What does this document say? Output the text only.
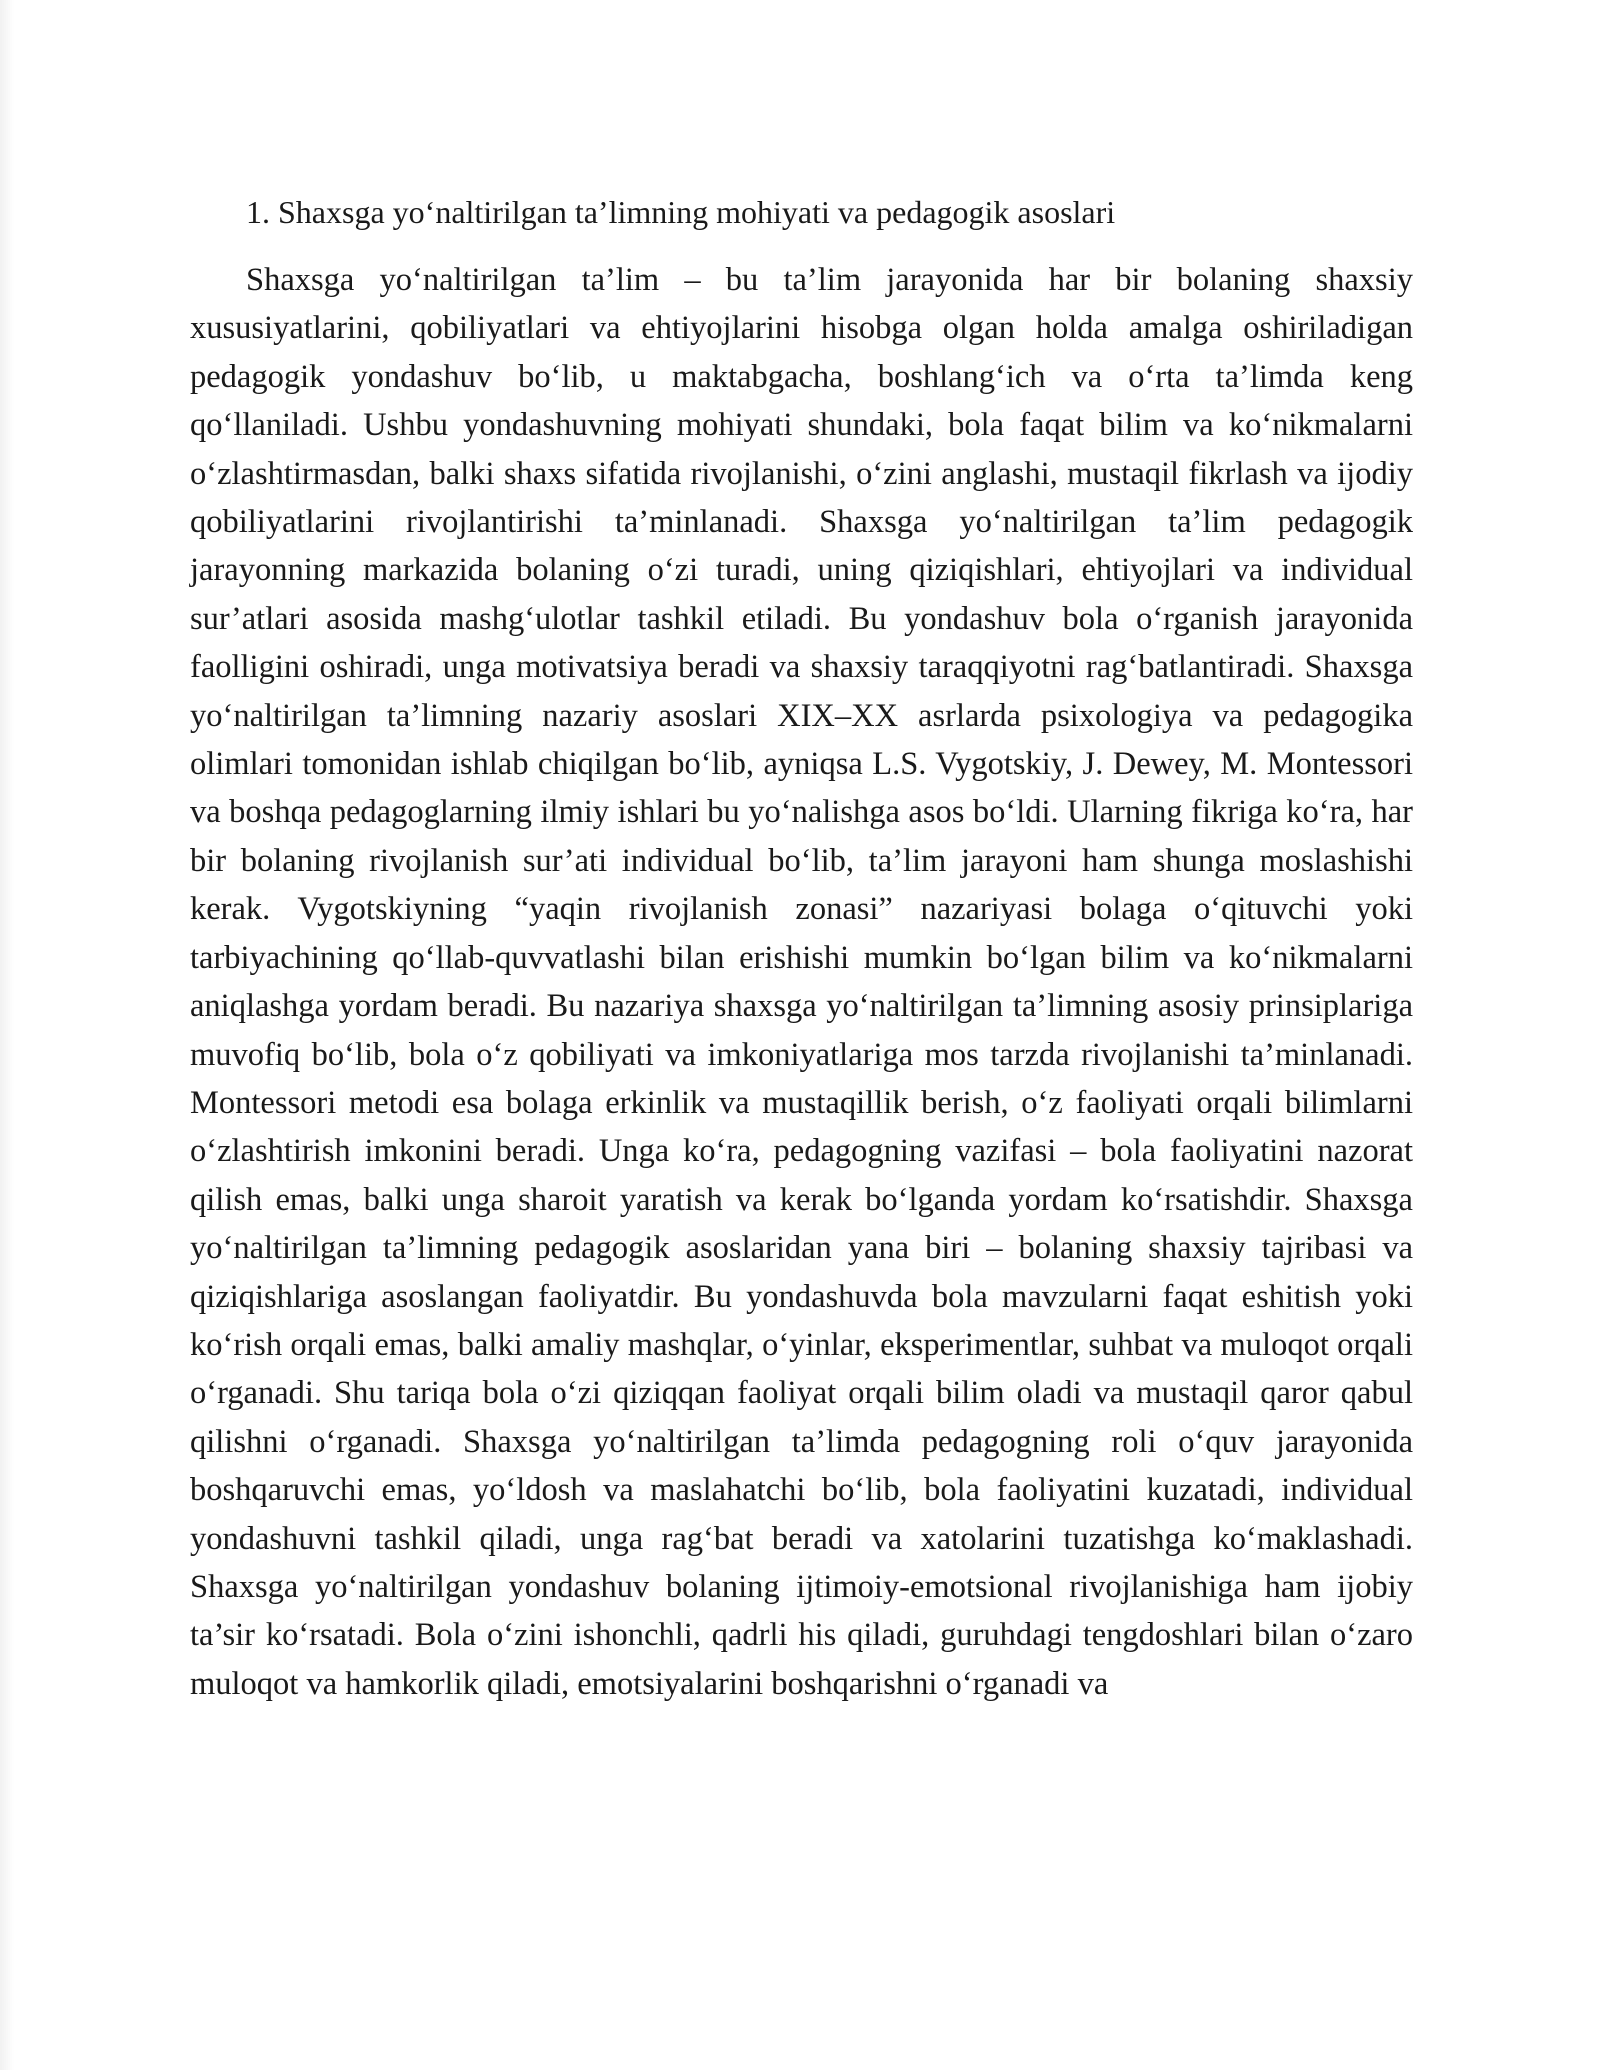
1. Shaxsga yo‘naltirilgan ta’limning mohiyati va pedagogik asoslari

Shaxsga yo‘naltirilgan ta’lim – bu ta’lim jarayonida har bir bolaning shaxsiy xususiyatlarini, qobiliyatlari va ehtiyojlarini hisobga olgan holda amalga oshiriladigan pedagogik yondashuv bo‘lib, u maktabgacha, boshlang‘ich va o‘rta ta’limda keng qo‘llaniladi. Ushbu yondashuvning mohiyati shundaki, bola faqat bilim va ko‘nikmalarni o‘zlashtirmasdan, balki shaxs sifatida rivojlanishi, o‘zini anglashi, mustaqil fikrlash va ijodiy qobiliyatlarini rivojlantirishi ta’minlanadi. Shaxsga yo‘naltirilgan ta’lim pedagogik jarayonning markazida bolaning o‘zi turadi, uning qiziqishlari, ehtiyojlari va individual sur’atlari asosida mashg‘ulotlar tashkil etiladi. Bu yondashuv bola o‘rganish jarayonida faolligini oshiradi, unga motivatsiya beradi va shaxsiy taraqqiyotni rag‘batlantiradi. Shaxsga yo‘naltirilgan ta’limning nazariy asoslari XIX–XX asrlarda psixologiya va pedagogika olimlari tomonidan ishlab chiqilgan bo‘lib, ayniqsa L.S. Vygotskiy, J. Dewey, M. Montessori va boshqa pedagoglarning ilmiy ishlari bu yo‘nalishga asos bo‘ldi. Ularning fikriga ko‘ra, har bir bolaning rivojlanish sur’ati individual bo‘lib, ta’lim jarayoni ham shunga moslashishi kerak. Vygotskiyning “yaqin rivojlanish zonasi” nazariyasi bolaga o‘qituvchi yoki tarbiyachining qo‘llab-quvvatlashi bilan erishishi mumkin bo‘lgan bilim va ko‘nikmalarni aniqlashga yordam beradi. Bu nazariya shaxsga yo‘naltirilgan ta’limning asosiy prinsiplariga muvofiq bo‘lib, bola o‘z qobiliyati va imkoniyatlariga mos tarzda rivojlanishi ta’minlanadi. Montessori metodi esa bolaga erkinlik va mustaqillik berish, o‘z faoliyati orqali bilimlarni o‘zlashtirish imkonini beradi. Unga ko‘ra, pedagogning vazifasi – bola faoliyatini nazorat qilish emas, balki unga sharoit yaratish va kerak bo‘lganda yordam ko‘rsatishdir. Shaxsga yo‘naltirilgan ta’limning pedagogik asoslaridan yana biri – bolaning shaxsiy tajribasi va qiziqishlariga asoslangan faoliyatdir. Bu yondashuvda bola mavzularni faqat eshitish yoki ko‘rish orqali emas, balki amaliy mashqlar, o‘yinlar, eksperimentlar, suhbat va muloqot orqali o‘rganadi. Shu tariqa bola o‘zi qiziqqan faoliyat orqali bilim oladi va mustaqil qaror qabul qilishni o‘rganadi. Shaxsga yo‘naltirilgan ta’limda pedagogning roli o‘quv jarayonida boshqaruvchi emas, yo‘ldosh va maslahatchi bo‘lib, bola faoliyatini kuzatadi, individual yondashuvni tashkil qiladi, unga rag‘bat beradi va xatolarini tuzatishga ko‘maklashadi. Shaxsga yo‘naltirilgan yondashuv bolaning ijtimoiy-emotsional rivojlanishiga ham ijobiy ta’sir ko‘rsatadi. Bola o‘zini ishonchli, qadrli his qiladi, guruhdagi tengdoshlari bilan o‘zaro muloqot va hamkorlik qiladi, emotsiyalarini boshqarishni o‘rganadi va
